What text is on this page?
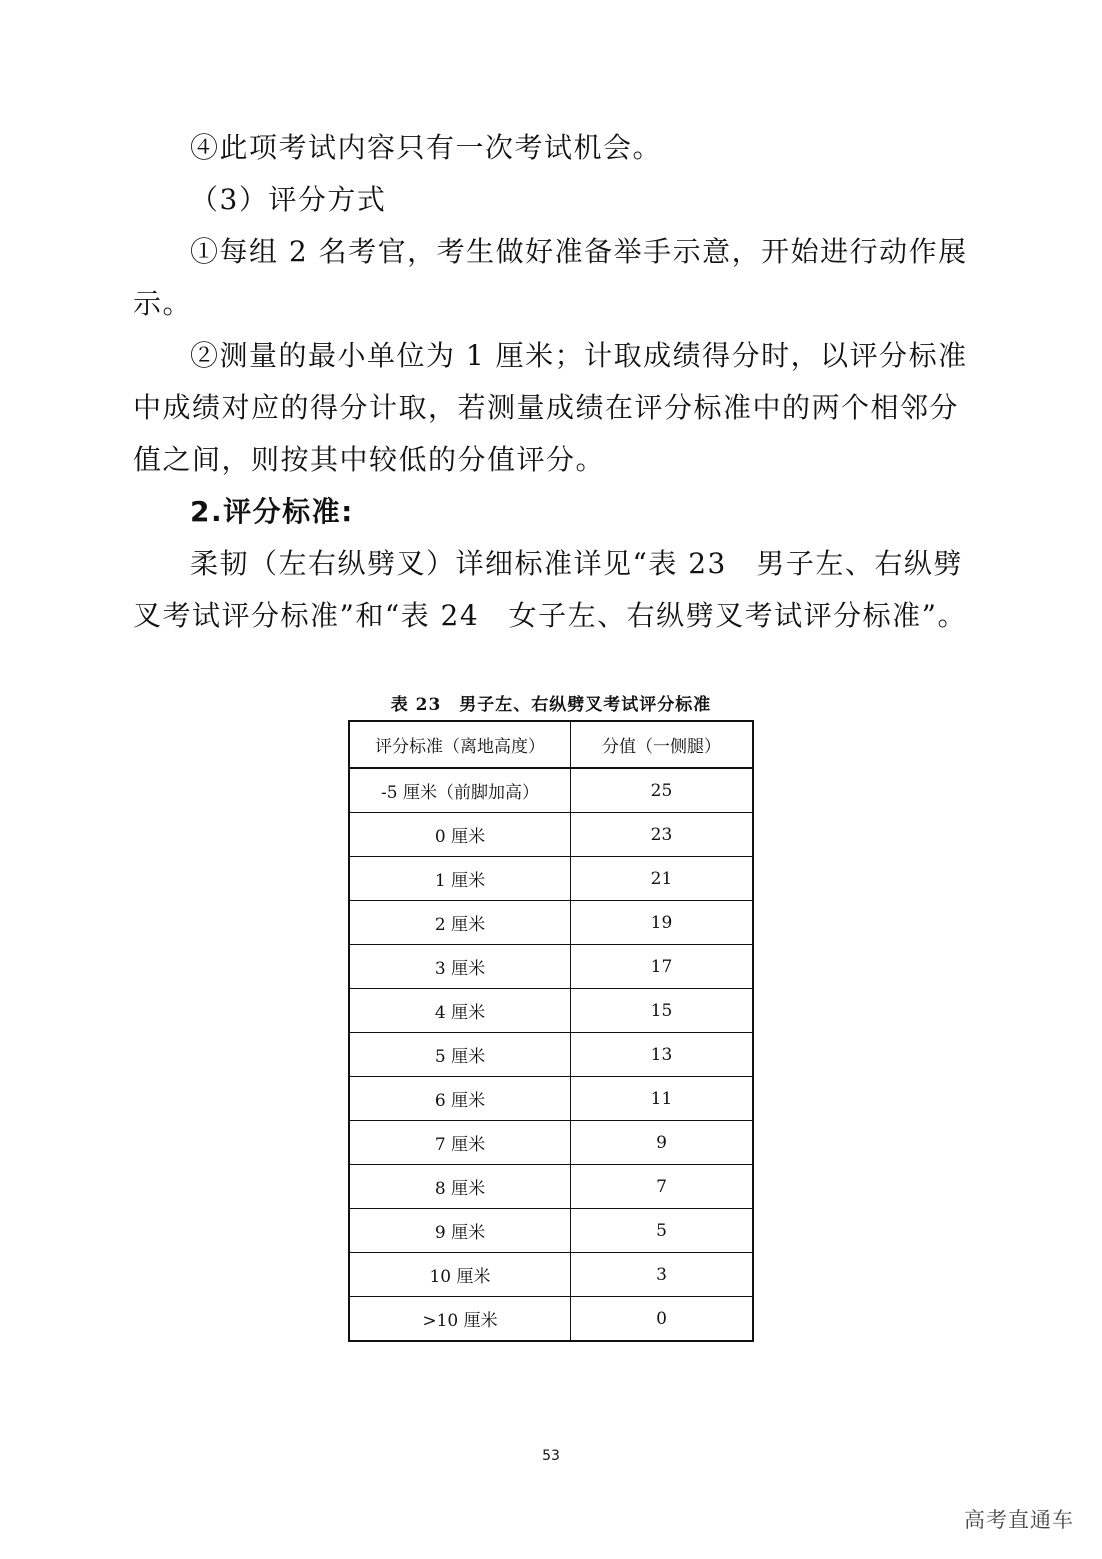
④此项考试内容只有一次考试机会。

（3）评分方式

①每组 2 名考官，考生做好准备举手示意，开始进行动作展示。

②测量的最小单位为 1 厘米；计取成绩得分时，以评分标准中成绩对应的得分计取，若测量成绩在评分标准中的两个相邻分值之间，则按其中较低的分值评分。

2.评分标准:

柔韧（左右纵劈叉）详细标准详见“表 23　男子左、右纵劈叉考试评分标准”和“表 24　女子左、右纵劈叉考试评分标准”。

表 23　男子左、右纵劈叉考试评分标准
评分标准（离地高度）	分值（一侧腿）
-5 厘米（前脚加高）	25
0 厘米	23
1 厘米	21
2 厘米	19
3 厘米	17
4 厘米	15
5 厘米	13
6 厘米	11
7 厘米	9
8 厘米	7
9 厘米	5
10 厘米	3
>10 厘米	0
53
高考直通车
